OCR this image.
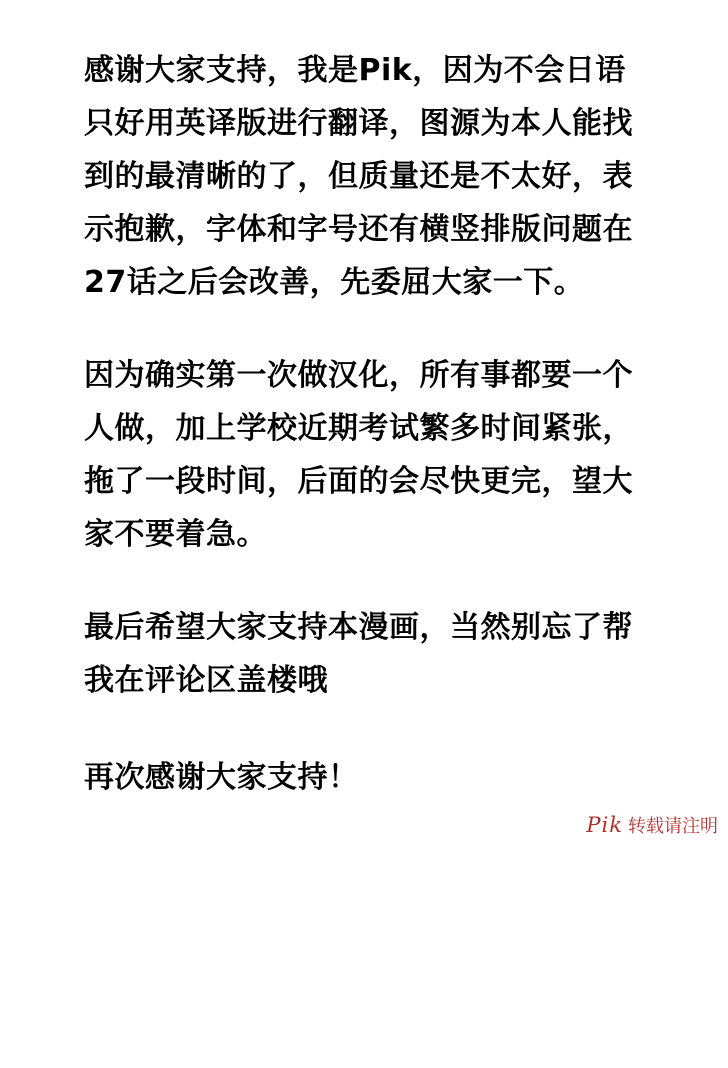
感谢大家支持，我是Pik，因为不会日语只好用英译版进行翻译，图源为本人能找到的最清晰的了，但质量还是不太好，表示抱歉，字体和字号还有横竖排版问题在27话之后会改善，先委屈大家一下。

因为确实第一次做汉化，所有事都要一个人做，加上学校近期考试繁多时间紧张，拖了一段时间，后面的会尽快更完，望大家不要着急。

最后希望大家支持本漫画，当然别忘了帮我在评论区盖楼哦

再次感谢大家支持！

Pik 转载请注明
